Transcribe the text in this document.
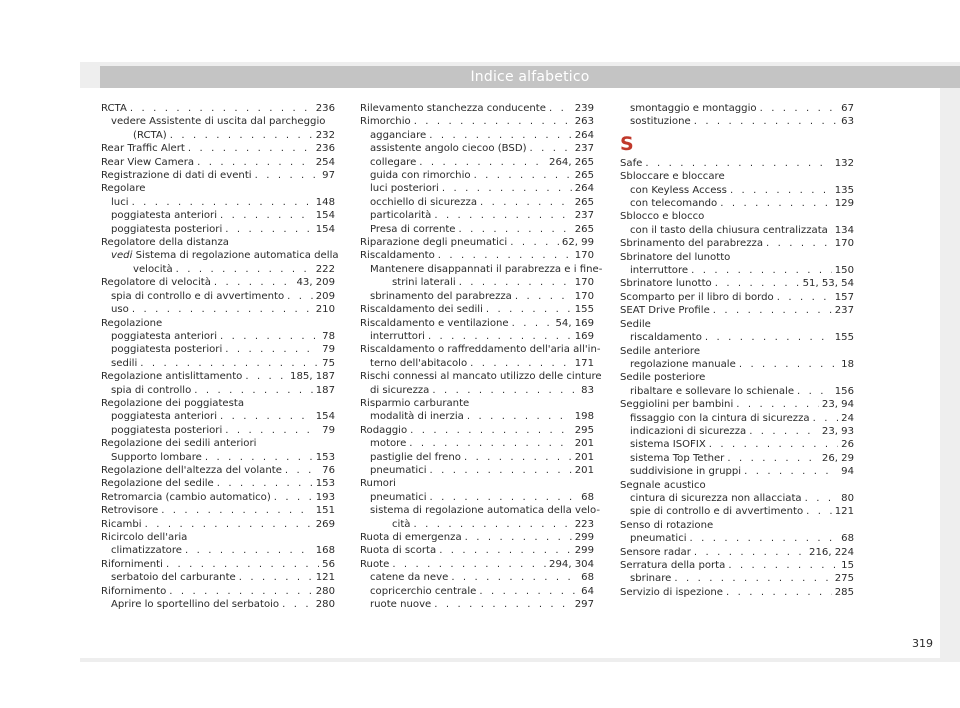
Indice alfabetico
RCTA . . .	236
vedere Assistente di uscita dal parcheggio
(RCTA) . . .	232
Rear Traffic Alert . . .	236
Rear View Camera . . .	254
Registrazione di dati di eventi . . .	97
Regolare
luci . . .	148
poggiatesta anteriori . . .	154
poggiatesta posteriori . . .	154
Regolatore della distanza
vedi Sistema di regolazione automatica della
velocità . . .	222
Regolatore di velocità . . .	43, 209
spia di controllo e di avvertimento . . .	209
uso . . .	210
Regolazione
poggiatesta anteriori . . .	78
poggiatesta posteriori . . .	79
sedili . . .	75
Regolazione antislittamento . . .	185, 187
spia di controllo . . .	187
Regolazione dei poggiatesta
poggiatesta anteriori . . .	154
poggiatesta posteriori . . .	79
Regolazione dei sedili anteriori
Supporto lombare . . .	153
Regolazione dell'altezza del volante . . .	76
Regolazione del sedile . . .	153
Retromarcia (cambio automatico) . . .	193
Retrovisore . . .	151
Ricambi . . .	269
Ricircolo dell'aria
climatizzatore . . .	168
Rifornimenti . . .	56
serbatoio del carburante . . .	121
Rifornimento . . .	280
Aprire lo sportellino del serbatoio . . .	280
Rilevamento stanchezza conducente . . .	239
Rimorchio . . .	263
agganciare . . .	264
assistente angolo ciecoo (BSD) . . .	237
collegare . . .	264, 265
guida con rimorchio . . .	265
luci posteriori . . .	264
occhiello di sicurezza . . .	265
particolarità . . .	237
Presa di corrente . . .	265
Riparazione degli pneumatici . . .	62, 99
Riscaldamento . . .	170
Mantenere disappannati il parabrezza e i fine-
strini laterali . . .	170
sbrinamento del parabrezza . . .	170
Riscaldamento dei sedili . . .	155
Riscaldamento e ventilazione . . .	54, 169
interruttori . . .	169
Riscaldamento o raffreddamento dell'aria all'in-
terno dell'abitacolo . . .	171
Rischi connessi al mancato utilizzo delle cinture
di sicurezza . . .	83
Risparmio carburante
modalità di inerzia . . .	198
Rodaggio . . .	295
motore . . .	201
pastiglie del freno . . .	201
pneumatici . . .	201
Rumori
pneumatici . . .	68
sistema di regolazione automatica della velo-
cità . . .	223
Ruota di emergenza . . .	299
Ruota di scorta . . .	299
Ruote . . .	294, 304
catene da neve . . .	68
copricerchio centrale . . .	64
ruote nuove . . .	297
smontaggio e montaggio . . .	67
sostituzione . . .	63
S
Safe . . .	132
Sbloccare e bloccare
con Keyless Access . . .	135
con telecomando . . .	129
Sblocco e blocco
con il tasto della chiusura centralizzata . . . 134
Sbrinamento del parabrezza . . .	170
Sbrinatore del lunotto
interruttore . . .	150
Sbrinatore lunotto . . .	51, 53, 54
Scomparto per il libro di bordo . . .	157
SEAT Drive Profile . . .	237
Sedile
riscaldamento . . .	155
Sedile anteriore
regolazione manuale . . .	18
Sedile posteriore
ribaltare e sollevare lo schienale . . .	156
Seggiolini per bambini . . .	23, 94
fissaggio con la cintura di sicurezza . . .	24
indicazioni di sicurezza . . .	23, 93
sistema ISOFIX . . .	26
sistema Top Tether . . .	26, 29
suddivisione in gruppi . . .	94
Segnale acustico
cintura di sicurezza non allacciata . . .	80
spie di controllo e di avvertimento . . .	121
Senso di rotazione
pneumatici . . .	68
Sensore radar . . .	216, 224
Serratura della porta . . .	15
sbrinare . . .	275
Servizio di ispezione . . .	285
319
